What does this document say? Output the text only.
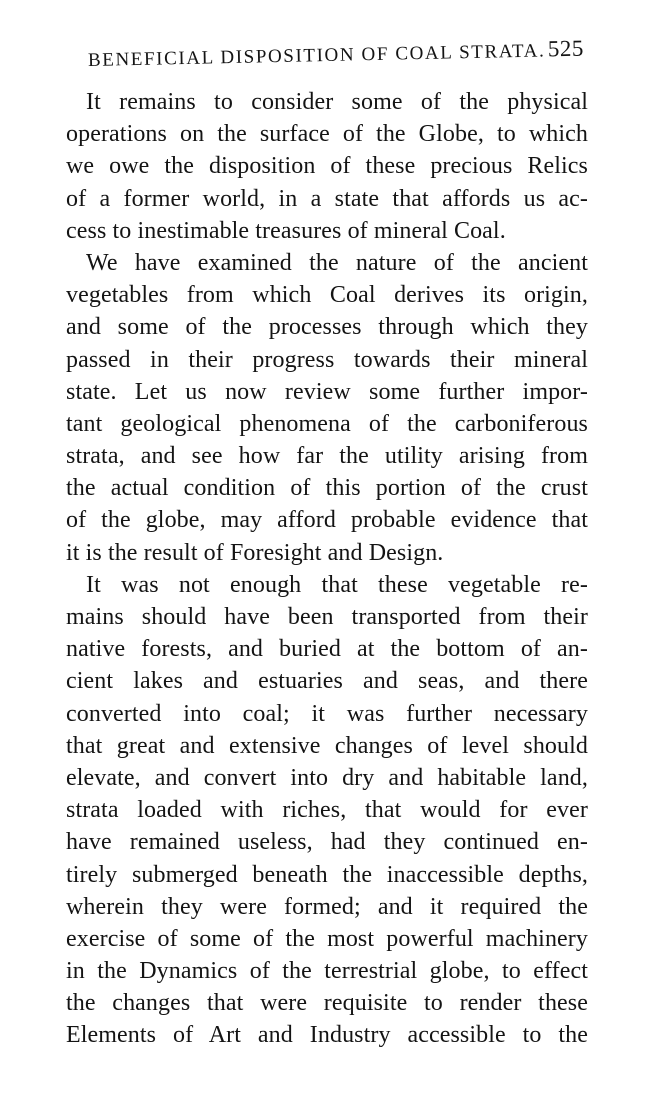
BENEFICIAL DISPOSITION OF COAL STRATA. 525
It remains to consider some of the physical
operations on the surface of the Globe, to which
we owe the disposition of these precious Relics
of a former world, in a state that affords us ac-
cess to inestimable treasures of mineral Coal.
We have examined the nature of the ancient
vegetables from which Coal derives its origin,
and some of the processes through which they
passed in their progress towards their mineral
state. Let us now review some further impor-
tant geological phenomena of the carboniferous
strata, and see how far the utility arising from
the actual condition of this portion of the crust
of the globe, may afford probable evidence that
it is the result of Foresight and Design.
It was not enough that these vegetable re-
mains should have been transported from their
native forests, and buried at the bottom of an-
cient lakes and estuaries and seas, and there
converted into coal; it was further necessary
that great and extensive changes of level should
elevate, and convert into dry and habitable land,
strata loaded with riches, that would for ever
have remained useless, had they continued en-
tirely submerged beneath the inaccessible depths,
wherein they were formed; and it required the
exercise of some of the most powerful machinery
in the Dynamics of the terrestrial globe, to effect
the changes that were requisite to render these
Elements of Art and Industry accessible to the
